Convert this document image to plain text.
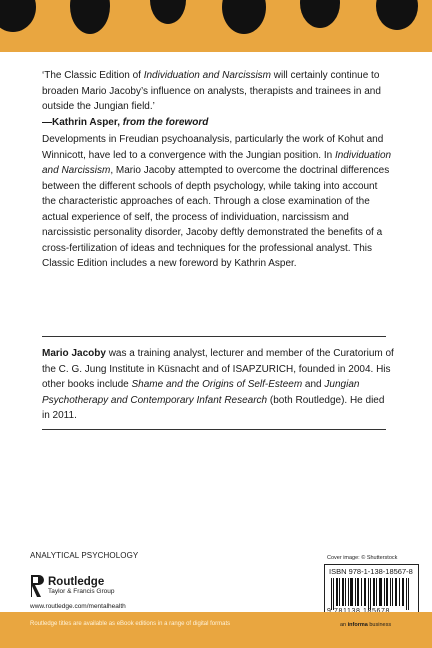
‘The Classic Edition of Individuation and Narcissism will certainly continue to broaden Mario Jacoby’s influence on analysts, therapists and trainees in and outside the Jungian field.’
—Kathrin Asper, from the foreword
Developments in Freudian psychoanalysis, particularly the work of Kohut and Winnicott, have led to a convergence with the Jungian position. In Individuation and Narcissism, Mario Jacoby attempted to overcome the doctrinal differences between the different schools of depth psychology, while taking into account the characteristic approaches of each. Through a close examination of the actual experience of self, the process of individuation, narcissism and narcissistic personality disorder, Jacoby deftly demonstrated the benefits of a cross-fertilization of ideas and techniques for the professional analyst. This Classic Edition includes a new foreword by Kathrin Asper.
Mario Jacoby was a training analyst, lecturer and member of the Curatorium of the C. G. Jung Institute in Küsnacht and of ISAPZURICH, founded in 2004. His other books include Shame and the Origins of Self-Esteem and Jungian Psychotherapy and Contemporary Infant Research (both Routledge). He died in 2011.
ANALYTICAL PSYCHOLOGY
Routledge
Taylor & Francis Group
www.routledge.com/mentalhealth
Cover image: © Shutterstock
ISBN 978-1-138-18567-8
Routledge titles are available as eBook editions in a range of digital formats	an informa business
